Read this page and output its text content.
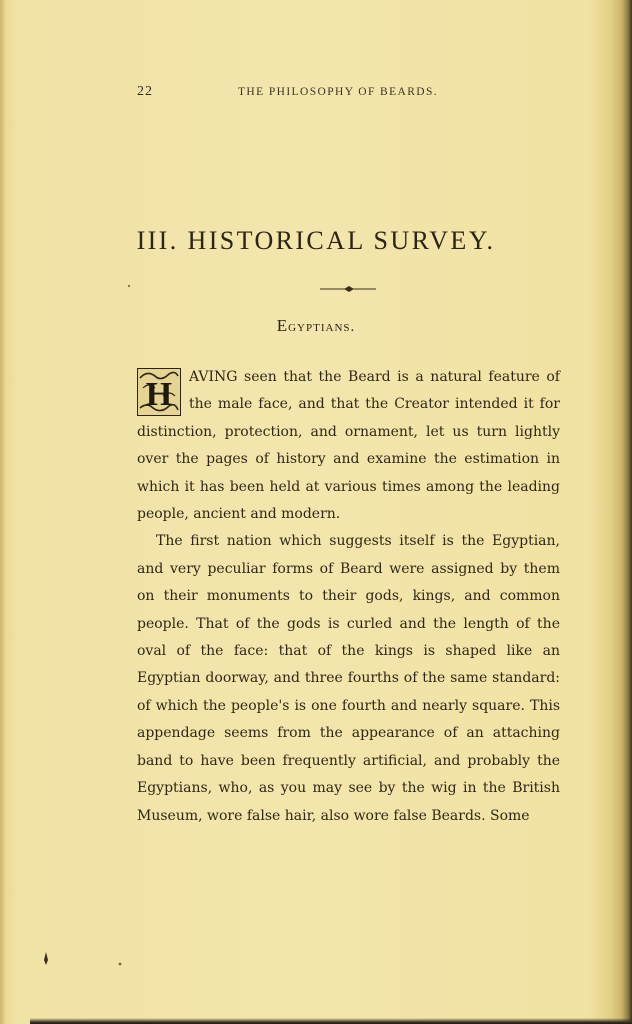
22	THE PHILOSOPHY OF BEARDS.
III. HISTORICAL SURVEY.
Egyptians.

H AVING seen that the Beard is a natural feature of the male face, and that the Creator intended it for distinction, protection, and ornament, let us turn lightly over the pages of history and examine the estimation in which it has been held at various times among the leading people, ancient and modern.

The first nation which suggests itself is the Egyptian, and very peculiar forms of Beard were assigned by them on their monuments to their gods, kings, and common people. That of the gods is curled and the length of the oval of the face: that of the kings is shaped like an Egyptian doorway, and three fourths of the same standard: of which the people's is one fourth and nearly square. This appendage seems from the appearance of an attaching band to have been frequently artificial, and probably the Egyptians, who, as you may see by the wig in the British Museum, wore false hair, also wore false Beards. Some
